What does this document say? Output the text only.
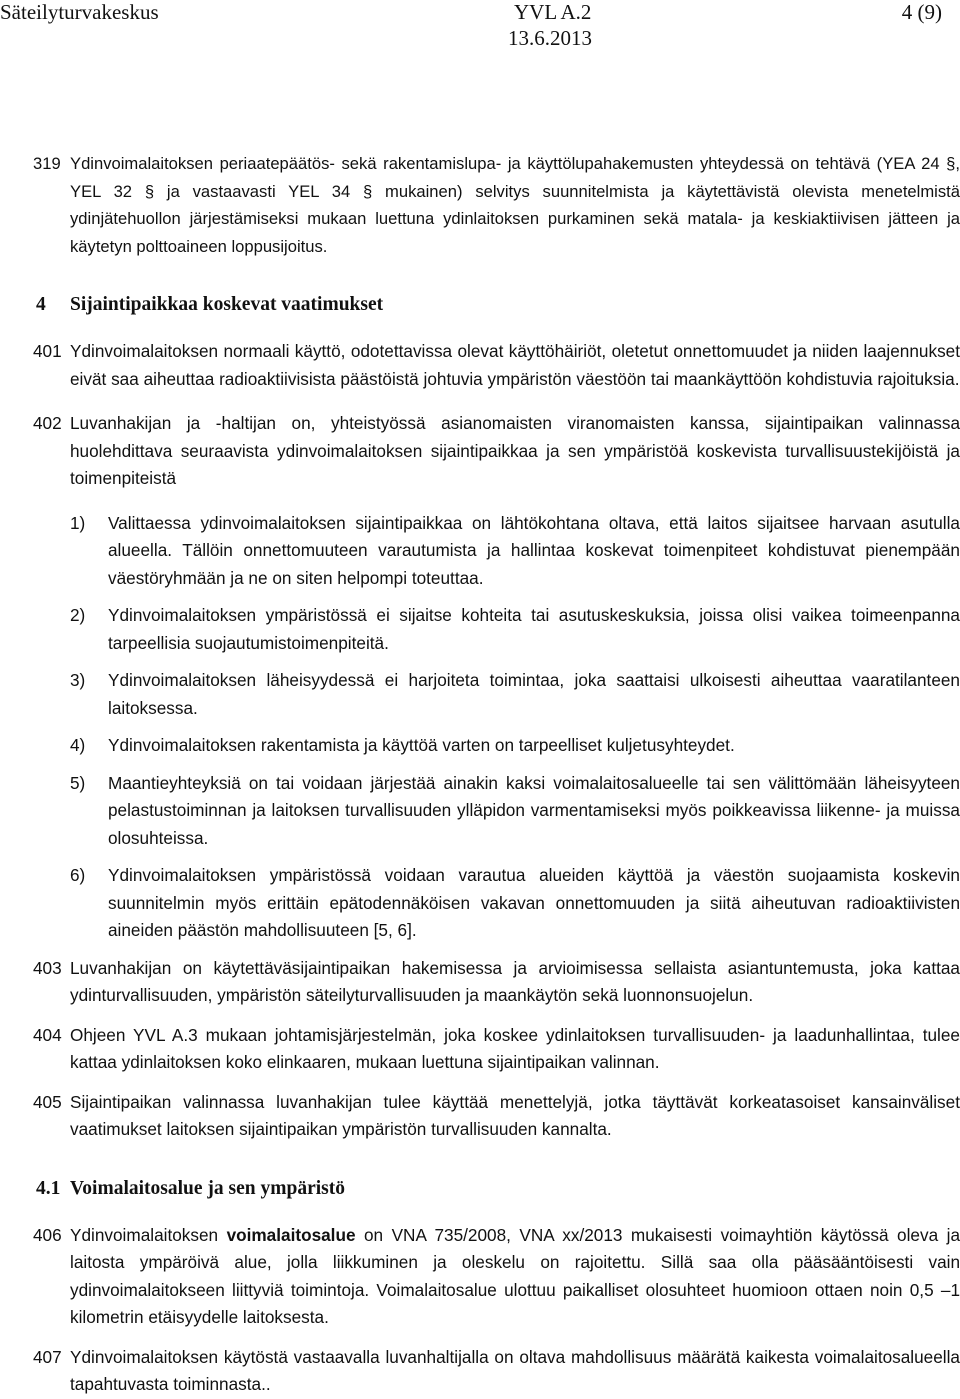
Säteilyturvakeskus	YVL A.2
13.6.2013
4 (9)

319 Ydinvoimalaitoksen periaatepäätös- sekä rakentamislupa- ja käyttölupahakemusten yhteydessä on tehtävä (YEA 24 §, YEL 32 § ja vastaavasti YEL 34 § mukainen) selvitys suunnitelmista ja käytettävistä olevista menetelmistä ydinjätehuollon järjestämiseksi mukaan luettuna ydinlaitoksen purkaminen sekä matala- ja keskiaktiivisen jätteen ja käytetyn polttoaineen loppusijoitus.

4 Sijaintipaikkaa koskevat vaatimukset

401 Ydinvoimalaitoksen normaali käyttö, odotettavissa olevat käyttöhäiriöt, oletetut onnettomuudet ja niiden laajennukset eivät saa aiheuttaa radioaktiivisista päästöistä johtuvia ympäristön väestöön tai maankäyttöön kohdistuvia rajoituksia.

402 Luvanhakijan ja -haltijan on, yhteistyössä asianomaisten viranomaisten kanssa, sijaintipaikan valinnassa huolehdittava seuraavista ydinvoimalaitoksen sijaintipaikkaa ja sen ympäristöä koskevista turvallisuustekijöistä ja toimenpiteistä

1) Valittaessa ydinvoimalaitoksen sijaintipaikkaa on lähtökohtana oltava, että laitos sijaitsee harvaan asutulla alueella. Tällöin onnettomuuteen varautumista ja hallintaa koskevat toimenpiteet kohdistuvat pienempään väestöryhmään ja ne on siten helpompi toteuttaa.
2) Ydinvoimalaitoksen ympäristössä ei sijaitse kohteita tai asutuskeskuksia, joissa olisi vaikea toimeenpanna tarpeellisia suojautumistoimenpiteitä.
3) Ydinvoimalaitoksen läheisyydessä ei harjoiteta toimintaa, joka saattaisi ulkoisesti aiheuttaa vaaratilanteen laitoksessa.
4) Ydinvoimalaitoksen rakentamista ja käyttöä varten on tarpeelliset kuljetusyhteydet.
5) Maantieyhteyksiä on tai voidaan järjestää ainakin kaksi voimalaitosalueelle tai sen välittömään läheisyyteen pelastustoiminnan ja laitoksen turvallisuuden ylläpidon varmentamiseksi myös poikkeavissa liikenne- ja muissa olosuhteissa.
6) Ydinvoimalaitoksen ympäristössä voidaan varautua alueiden käyttöä ja väestön suojaamista koskevin suunnitelmin myös erittäin epätodennäköisen vakavan onnettomuuden ja siitä aiheutuvan radioaktiivisten aineiden päästön mahdollisuuteen [5, 6].

403 Luvanhakijan on käytettäväsijaintipaikan hakemisessa ja arvioimisessa sellaista asiantuntemusta, joka kattaa ydinturvallisuuden, ympäristön säteilyturvallisuuden ja maankäytön sekä luonnonsuojelun.

404 Ohjeen YVL A.3 mukaan johtamisjärjestelmän, joka koskee ydinlaitoksen turvallisuuden- ja laadunhallintaa, tulee kattaa ydinlaitoksen koko elinkaaren, mukaan luettuna sijaintipaikan valinnan.

405 Sijaintipaikan valinnassa luvanhakijan tulee käyttää menettelyjä, jotka täyttävät korkeatasoiset kansainväliset vaatimukset laitoksen sijaintipaikan ympäristön turvallisuuden kannalta.

4.1 Voimalaitosalue ja sen ympäristö

406 Ydinvoimalaitoksen voimalaitosalue on VNA 735/2008, VNA xx/2013 mukaisesti voimayhtiön käytössä oleva ja laitosta ympäröivä alue, jolla liikkuminen ja oleskelu on rajoitettu. Sillä saa olla pääsääntöisesti vain ydinvoimalaitokseen liittyviä toimintoja. Voimalaitosalue ulottuu paikalliset olosuhteet huomioon ottaen noin 0,5 –1 kilometrin etäisyydelle laitoksesta.

407 Ydinvoimalaitoksen käytöstä vastaavalla luvanhaltijalla on oltava mahdollisuus määrätä kaikesta voimalaitosalueella tapahtuvasta toiminnasta..
